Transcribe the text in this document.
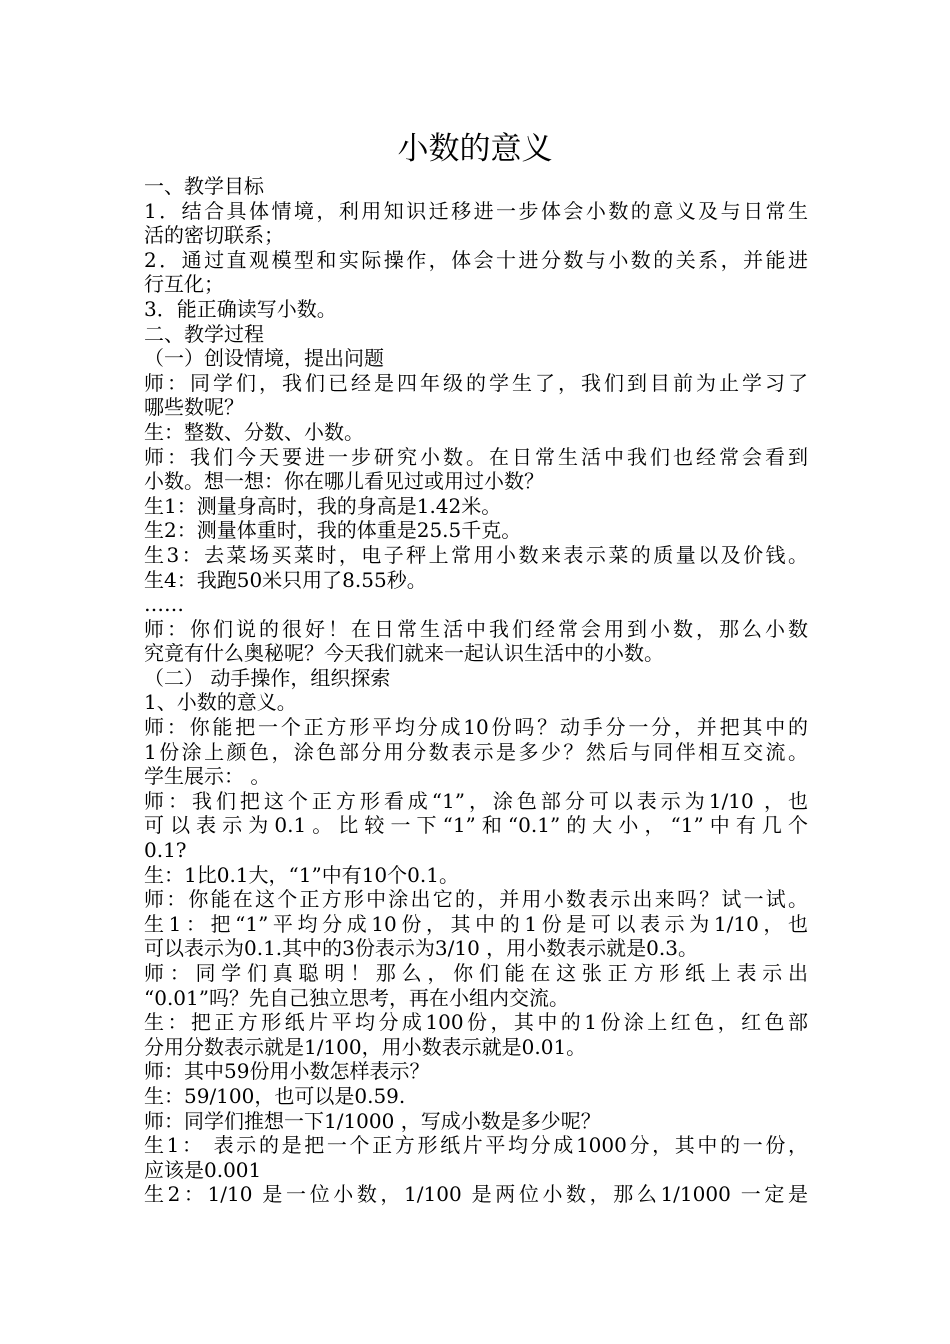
小数的意义
一、教学目标
1．结合具体情境，利用知识迁移进一步体会小数的意义及与日常生
活的密切联系；
2．通过直观模型和实际操作，体会十进分数与小数的关系，并能进
行互化；
3．能正确读写小数。
二、教学过程
（一）创设情境，提出问题
师：同学们，我们已经是四年级的学生了，我们到目前为止学习了
哪些数呢？
生：整数、分数、小数。
师：我们今天要进一步研究小数。在日常生活中我们也经常会看到
小数。想一想：你在哪儿看见过或用过小数？
生1：测量身高时，我的身高是1.42米。
生2：测量体重时，我的体重是25.5千克。
生3：去菜场买菜时，电子秤上常用小数来表示菜的质量以及价钱。
生4：我跑50米只用了8.55秒。
……
师：你们说的很好！在日常生活中我们经常会用到小数，那么小数
究竟有什么奥秘呢？今天我们就来一起认识生活中的小数。
（二） 动手操作，组织探索
1、小数的意义。
师：你能把一个正方形平均分成10份吗？动手分一分，并把其中的
1份涂上颜色，涂色部分用分数表示是多少？然后与同伴相互交流。
学生展示： 。
师：我们把这个正方形看成“1”，涂色部分可以表示为1/10 ，也
可以表示为0.1。比较一下“1”和“0.1”的大小，“1”中有几个
0.1?
生：1比0.1大，“1”中有10个0.1。
师：你能在这个正方形中涂出它的，并用小数表示出来吗？试一试。
生1：把“1”平均分成10份，其中的1份是可以表示为1/10，也
可以表示为0.1.其中的3份表示为3/10 ，用小数表示就是0.3。
师：同学们真聪明！那么，你们能在这张正方形纸上表示出
“0.01”吗？先自己独立思考，再在小组内交流。
生：把正方形纸片平均分成100份，其中的1份涂上红色，红色部
分用分数表示就是1/100，用小数表示就是0.01。
师：其中59份用小数怎样表示？
生：59/100，也可以是0.59.
师：同学们推想一下1/1000 ，写成小数是多少呢？
生1： 表示的是把一个正方形纸片平均分成1000分，其中的一份，
应该是0.001
生2：1/10 是一位小数，1/100 是两位小数，那么1/1000 一定是
